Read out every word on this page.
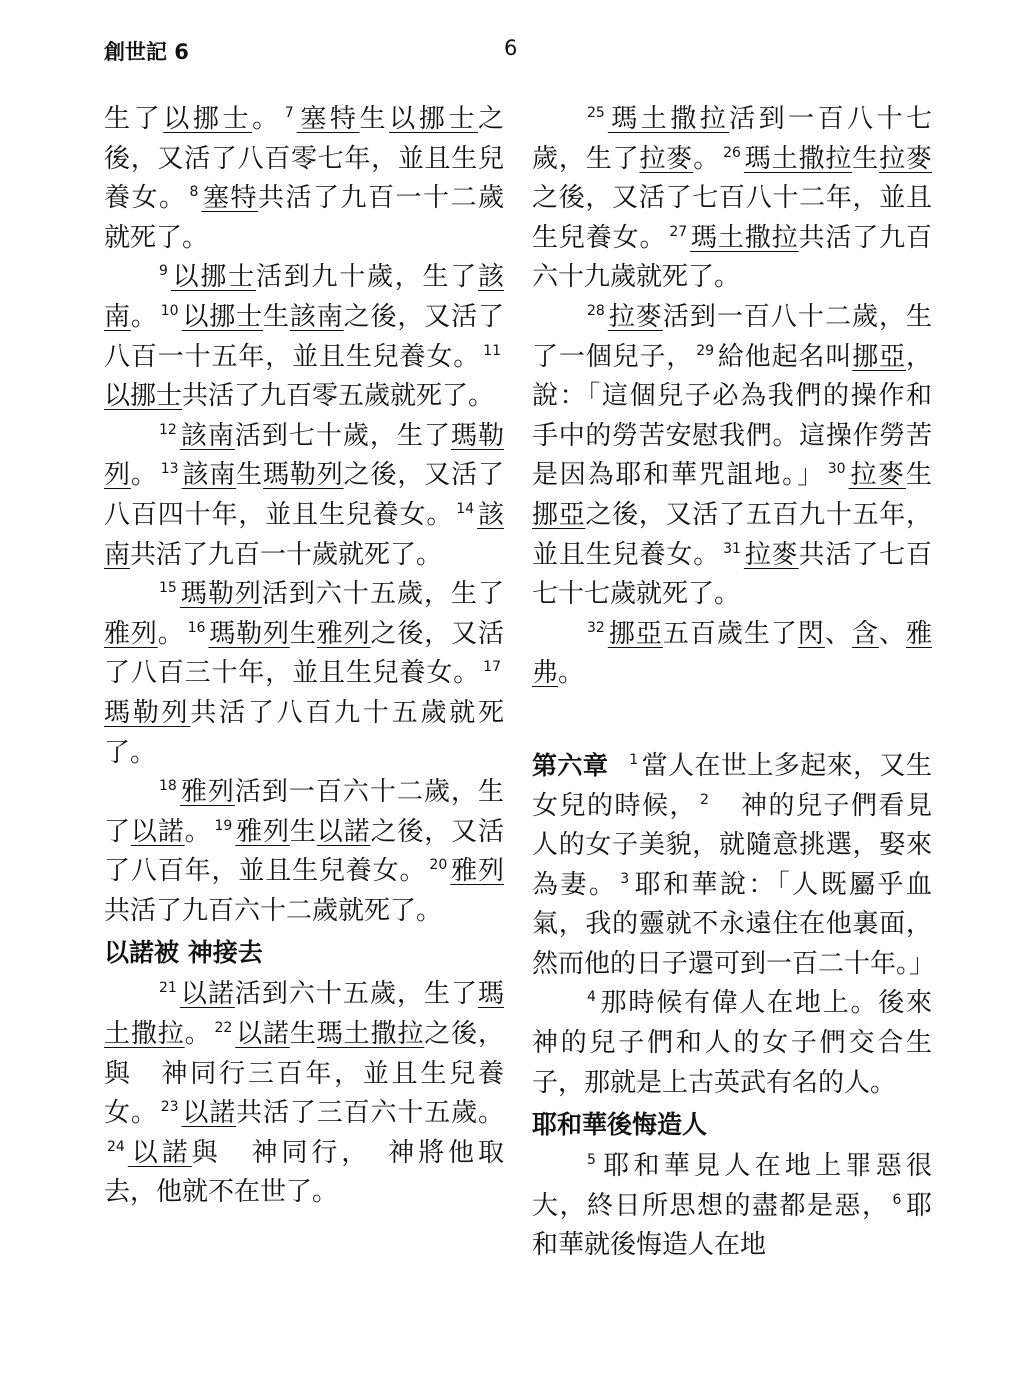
創世記 6	6

生了以挪士。 $^7$ 塞特生以挪士之後，又活了八百零七年，並且生兒養女。 $^8$ 塞特共活了九百一十二歲就死了。

$^9$ 以挪士活到九十歲，生了該南。 $^{10}$ 以挪士生該南之後，又活了八百一十五年，並且生兒養女。 $^{11}$以挪士共活了九百零五歲就死了。

$^{12}$ 該南活到七十歲，生了瑪勒列。 $^{13}$ 該南生瑪勒列之後，又活了八百四十年，並且生兒養女。 $^{14}$ 該南共活了九百一十歲就死了。

$^{15}$ 瑪勒列活到六十五歲，生了雅列。 $^{16}$ 瑪勒列生雅列之後，又活了八百三十年，並且生兒養女。 $^{17}$瑪勒列共活了八百九十五歲就死了。

$^{18}$ 雅列活到一百六十二歲，生了以諾。 $^{19}$ 雅列生以諾之後，又活了八百年，並且生兒養女。 $^{20}$ 雅列共活了九百六十二歲就死了。

以諾被 神接去

$^{21}$ 以諾活到六十五歲，生了瑪土撒拉。 $^{22}$ 以諾生瑪土撒拉之後，與　神同行三百年，並且生兒養女。 $^{23}$ 以諾共活了三百六十五歲。$^{24}$ 以諾與　神同行，　神將他取去，他就不在世了。

$^{25}$ 瑪土撒拉活到一百八十七歲，生了拉麥。 $^{26}$ 瑪土撒拉生拉麥之後，又活了七百八十二年，並且生兒養女。 $^{27}$ 瑪土撒拉共活了九百六十九歲就死了。

$^{28}$ 拉麥活到一百八十二歲，生了一個兒子， $^{29}$ 給他起名叫挪亞，說：「這個兒子必為我們的操作和手中的勞苦安慰我們。這操作勞苦是因為耶和華咒詛地。」 $^{30}$ 拉麥生挪亞之後，又活了五百九十五年，並且生兒養女。 $^{31}$ 拉麥共活了七百七十七歲就死了。

$^{32}$ 挪亞五百歲生了閃、含、雅弗。

第六章 $^1$ 當人在世上多起來，又生女兒的時候， $^2$　神的兒子們看見人的女子美貌，就隨意挑選，娶來為妻。 $^3$ 耶和華說：「人既屬乎血氣，我的靈就不永遠住在他裏面，然而他的日子還可到一百二十年。」

$^4$ 那時候有偉人在地上。後來　神的兒子們和人的女子們交合生子，那就是上古英武有名的人。

耶和華後悔造人

$^5$ 耶和華見人在地上罪惡很大，終日所思想的盡都是惡， $^6$ 耶和華就後悔造人在地
